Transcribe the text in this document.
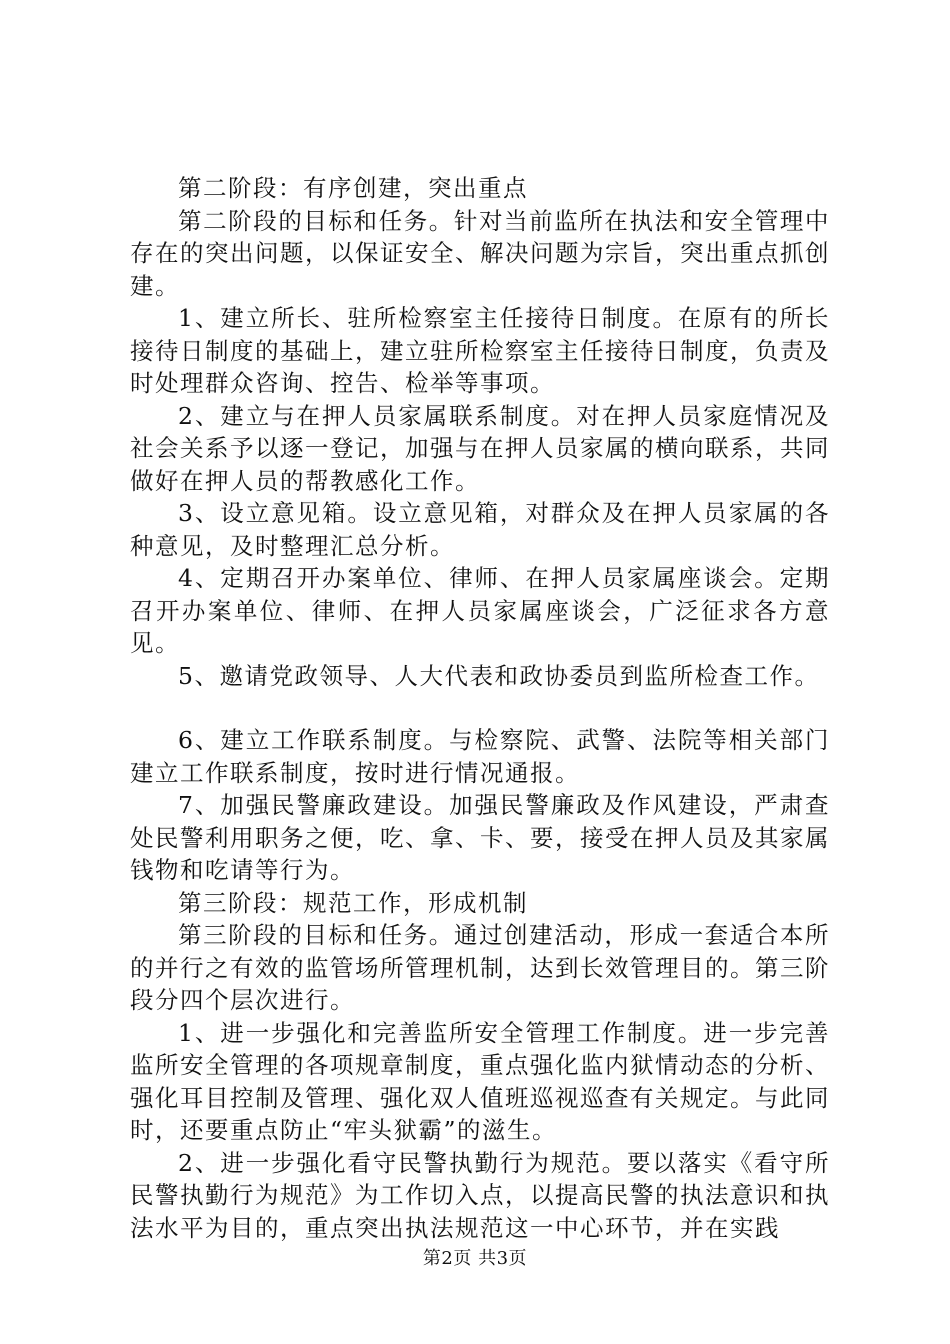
第二阶段：有序创建，突出重点

第二阶段的目标和任务。针对当前监所在执法和安全管理中存在的突出问题，以保证安全、解决问题为宗旨，突出重点抓创建。

1、建立所长、驻所检察室主任接待日制度。在原有的所长接待日制度的基础上，建立驻所检察室主任接待日制度，负责及时处理群众咨询、控告、检举等事项。

2、建立与在押人员家属联系制度。对在押人员家庭情况及社会关系予以逐一登记，加强与在押人员家属的横向联系，共同做好在押人员的帮教感化工作。

3、设立意见箱。设立意见箱，对群众及在押人员家属的各种意见，及时整理汇总分析。

4、定期召开办案单位、律师、在押人员家属座谈会。定期召开办案单位、律师、在押人员家属座谈会，广泛征求各方意见。

5、邀请党政领导、人大代表和政协委员到监所检查工作。

6、建立工作联系制度。与检察院、武警、法院等相关部门建立工作联系制度，按时进行情况通报。

7、加强民警廉政建设。加强民警廉政及作风建设，严肃查处民警利用职务之便，吃、拿、卡、要，接受在押人员及其家属钱物和吃请等行为。

第三阶段：规范工作，形成机制

第三阶段的目标和任务。通过创建活动，形成一套适合本所的并行之有效的监管场所管理机制，达到长效管理目的。第三阶段分四个层次进行。

1、进一步强化和完善监所安全管理工作制度。进一步完善监所安全管理的各项规章制度，重点强化监内狱情动态的分析、强化耳目控制及管理、强化双人值班巡视巡查有关规定。与此同时，还要重点防止“牢头狱霸”的滋生。

2、进一步强化看守民警执勤行为规范。要以落实《看守所民警执勤行为规范》为工作切入点，以提高民警的执法意识和执法水平为目的，重点突出执法规范这一中心环节，并在实践

第2页 共3页
